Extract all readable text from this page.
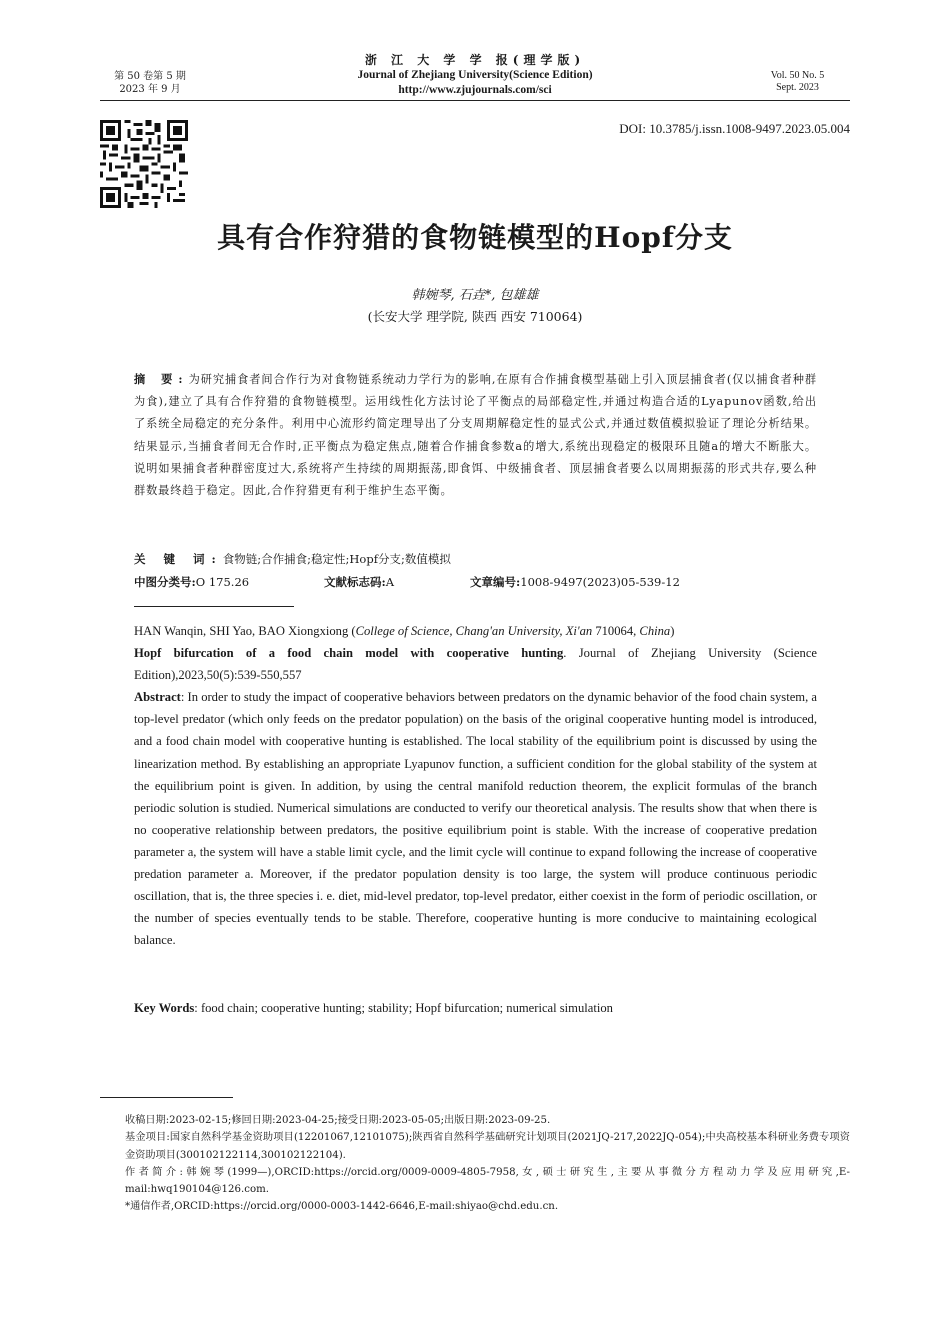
第 50 卷第 5 期
2023 年 9 月
浙 江 大 学 学 报(理学版)
Journal of Zhejiang University(Science Edition)
http://www.zjujournals.com/sci
Vol. 50 No. 5
Sept. 2023
DOI: 10.3785/j.issn.1008-9497.2023.05.004
具有合作狩猎的食物链模型的Hopf分支
韩婉琴, 石垚*, 包雄雄
(长安大学 理学院, 陕西 西安 710064)
摘 要:为研究捕食者间合作行为对食物链系统动力学行为的影响,在原有合作捕食模型基础上引入顶层捕食者(仅以捕食者种群为食),建立了具有合作狩猎的食物链模型。运用线性化方法讨论了平衡点的局部稳定性,并通过构造合适的Lyapunov函数,给出了系统全局稳定的充分条件。利用中心流形约简定理导出了分支周期解稳定性的显式公式,并通过数值模拟验证了理论分析结果。结果显示,当捕食者间无合作时,正平衡点为稳定焦点,随着合作捕食参数a的增大,系统出现稳定的极限环且随a的增大不断胀大。说明如果捕食者种群密度过大,系统将产生持续的周期振荡,即食饵、中级捕食者、顶层捕食者要么以周期振荡的形式共存,要么种群数最终趋于稳定。因此,合作狩猎更有利于维护生态平衡。
关 键 词:食物链;合作捕食;稳定性;Hopf分支;数值模拟
中图分类号:O 175.26	文献标志码:A	文章编号:1008-9497(2023)05-539-12

HAN Wanqin, SHI Yao, BAO Xiongxiong (College of Science, Chang'an University, Xi'an 710064, China)

Hopf bifurcation of a food chain model with cooperative hunting. Journal of Zhejiang University (Science Edition),2023,50(5):539-550,557

Abstract: In order to study the impact of cooperative behaviors between predators on the dynamic behavior of the food chain system, a top-level predator (which only feeds on the predator population) on the basis of the original cooperative hunting model is introduced, and a food chain model with cooperative hunting is established. The local stability of the equilibrium point is discussed by using the linearization method. By establishing an appropriate Lyapunov function, a sufficient condition for the global stability of the system at the equilibrium point is given. In addition, by using the central manifold reduction theorem, the explicit formulas of the branch periodic solution is studied. Numerical simulations are conducted to verify our theoretical analysis. The results show that when there is no cooperative relationship between predators, the positive equilibrium point is stable. With the increase of cooperative predation parameter a, the system will have a stable limit cycle, and the limit cycle will continue to expand following the increase of cooperative predation parameter a. Moreover, if the predator population density is too large, the system will produce continuous periodic oscillation, that is, the three species i. e. diet, mid-level predator, top-level predator, either coexist in the form of periodic oscillation, or the number of species eventually tends to be stable. Therefore, cooperative hunting is more conducive to maintaining ecological balance.

Key Words: food chain; cooperative hunting; stability; Hopf bifurcation; numerical simulation

收稿日期:2023-02-15;修回日期:2023-04-25;接受日期:2023-05-05;出版日期:2023-09-25.

基金项目:国家自然科学基金资助项目(12201067,12101075);陕西省自然科学基础研究计划项目(2021JQ-217,2022JQ-054);中央高校基本科研业务费专项资金资助项目(300102122114,300102122104).

作者简介:韩婉琴(1999—),ORCID:https://orcid.org/0009-0009-4805-7958,女,硕士研究生,主要从事微分方程动力学及应用研究,E-mail:hwq190104@126.com.

*通信作者,ORCID:https://orcid.org/0000-0003-1442-6646,E-mail:shiyao@chd.edu.cn.
